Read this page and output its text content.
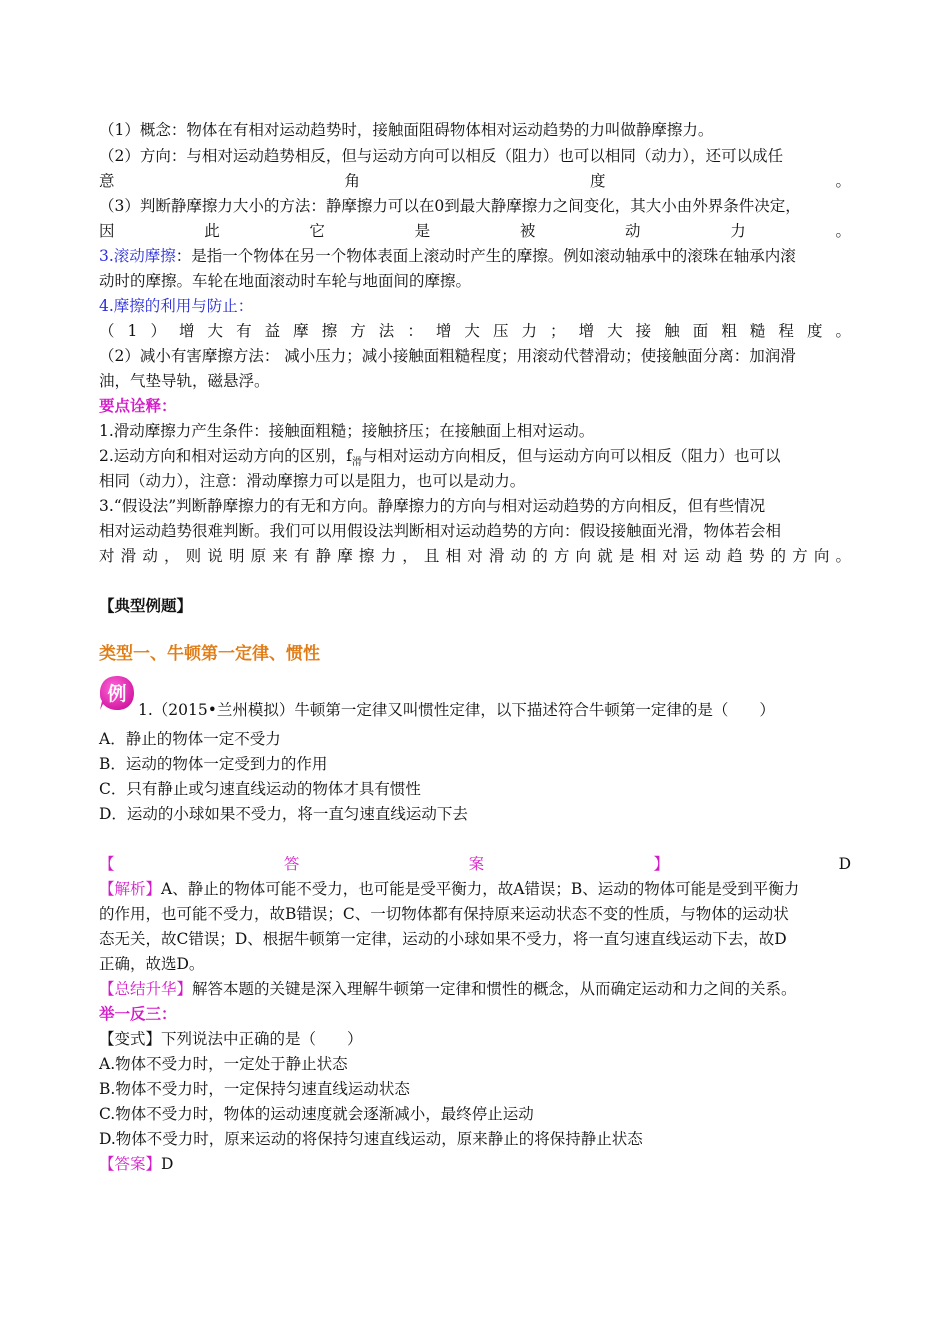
（1）概念：物体在有相对运动趋势时，接触面阻碍物体相对运动趋势的力叫做静摩擦力。
（2）方向：与相对运动趋势相反，但与运动方向可以相反（阻力）也可以相同（动力），还可以成任
意角度。
（3）判断静摩擦力大小的方法：静摩擦力可以在0到最大静摩擦力之间变化，其大小由外界条件决定，
因此它是被动力。
3.滚动摩擦：是指一个物体在另一个物体表面上滚动时产生的摩擦。例如滚动轴承中的滚珠在轴承内滚
动时的摩擦。车轮在地面滚动时车轮与地面间的摩擦。
4.摩擦的利用与防止：
（1）增大有益摩擦方法：增大压力；增大接触面粗糙程度。
（2）减小有害摩擦方法： 减小压力；减小接触面粗糙程度；用滚动代替滑动；使接触面分离：加润滑
油，气垫导轨，磁悬浮。
要点诠释：
1.滑动摩擦力产生条件：接触面粗糙；接触挤压；在接触面上相对运动。
2.运动方向和相对运动方向的区别，$f_滑$与相对运动方向相反，但与运动方向可以相反（阻力）也可以
相同（动力），注意：滑动摩擦力可以是阻力，也可以是动力。
3.“假设法”判断静摩擦力的有无和方向。静摩擦力的方向与相对运动趋势的方向相反，但有些情况
相对运动趋势很难判断。我们可以用假设法判断相对运动趋势的方向：假设接触面光滑，物体若会相
对滑动，则说明原来有静摩擦力，且相对滑动的方向就是相对运动趋势的方向。
【典型例题】
类型一、牛顿第一定律、惯性
例
1.（2015•兰州模拟）牛顿第一定律又叫惯性定律，以下描述符合牛顿第一定律的是（　　）
A．静止的物体一定不受力
B．运动的物体一定受到力的作用
C．只有静止或匀速直线运动的物体才具有惯性
D．运动的小球如果不受力，将一直匀速直线运动下去
【答案】	D
【解析】A、静止的物体可能不受力，也可能是受平衡力，故A错误；B、运动的物体可能是受到平衡力
的作用，也可能不受力，故B错误；C、一切物体都有保持原来运动状态不变的性质，与物体的运动状
态无关，故C错误；D、根据牛顿第一定律，运动的小球如果不受力，将一直匀速直线运动下去，故D
正确，故选D。
【总结升华】解答本题的关键是深入理解牛顿第一定律和惯性的概念，从而确定运动和力之间的关系。
举一反三：
【变式】下列说法中正确的是（　　）
A.物体不受力时，一定处于静止状态
B.物体不受力时，一定保持匀速直线运动状态
C.物体不受力时，物体的运动速度就会逐渐减小，最终停止运动
D.物体不受力时，原来运动的将保持匀速直线运动，原来静止的将保持静止状态
【答案】D
